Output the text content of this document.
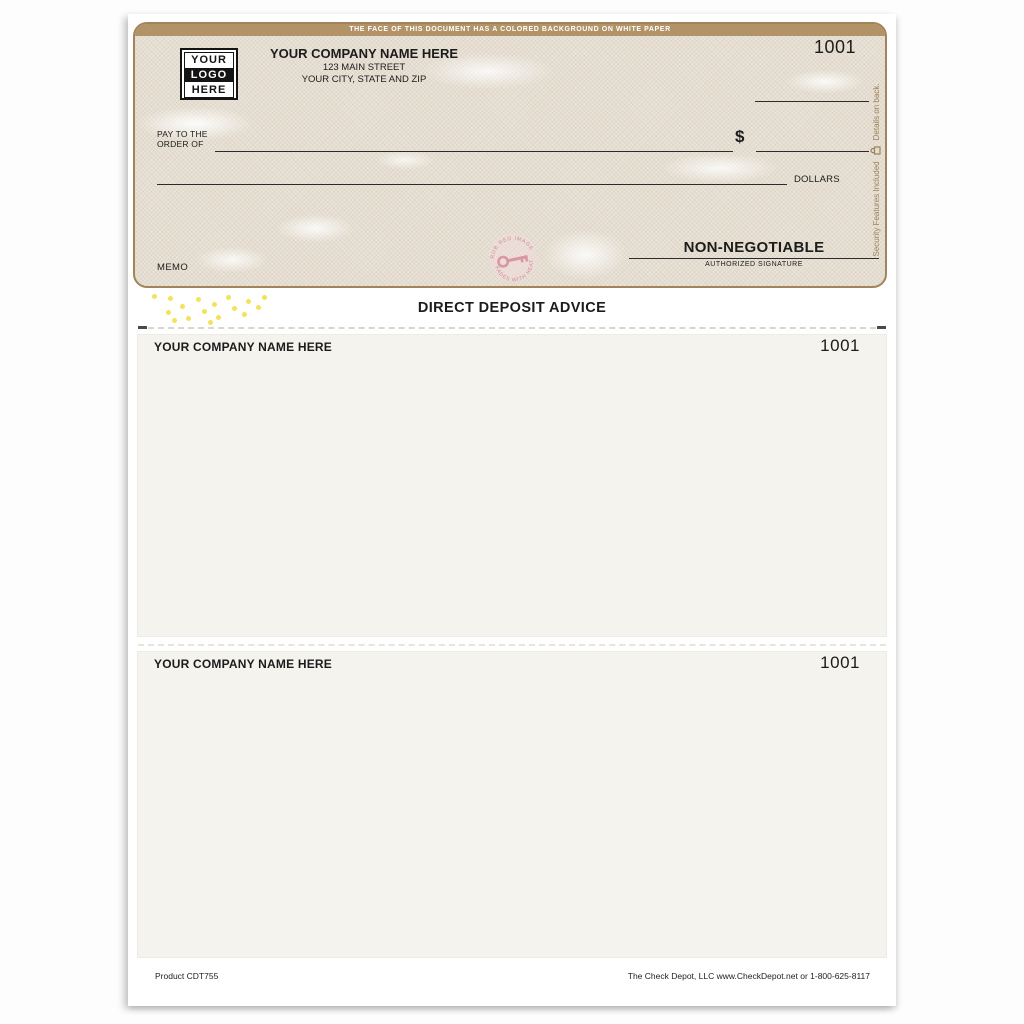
THE FACE OF THIS DOCUMENT HAS A COLORED BACKGROUND ON WHITE PAPER
YOUR
LOGO
HERE
YOUR COMPANY NAME HERE
123 MAIN STREET
YOUR CITY, STATE AND ZIP
1001
PAY TO THE
ORDER OF	$
DOLLARS
MEMO
RUB RED IMAGE
FADES WITH HEAT
NON-NEGOTIABLE
AUTHORIZED SIGNATURE
Security Features Included
Details on back.
DIRECT DEPOSIT ADVICE
YOUR COMPANY NAME HERE	1001
YOUR COMPANY NAME HERE	1001
Product CDT755	The Check Depot, LLC www.CheckDepot.net or 1-800-625-8117
